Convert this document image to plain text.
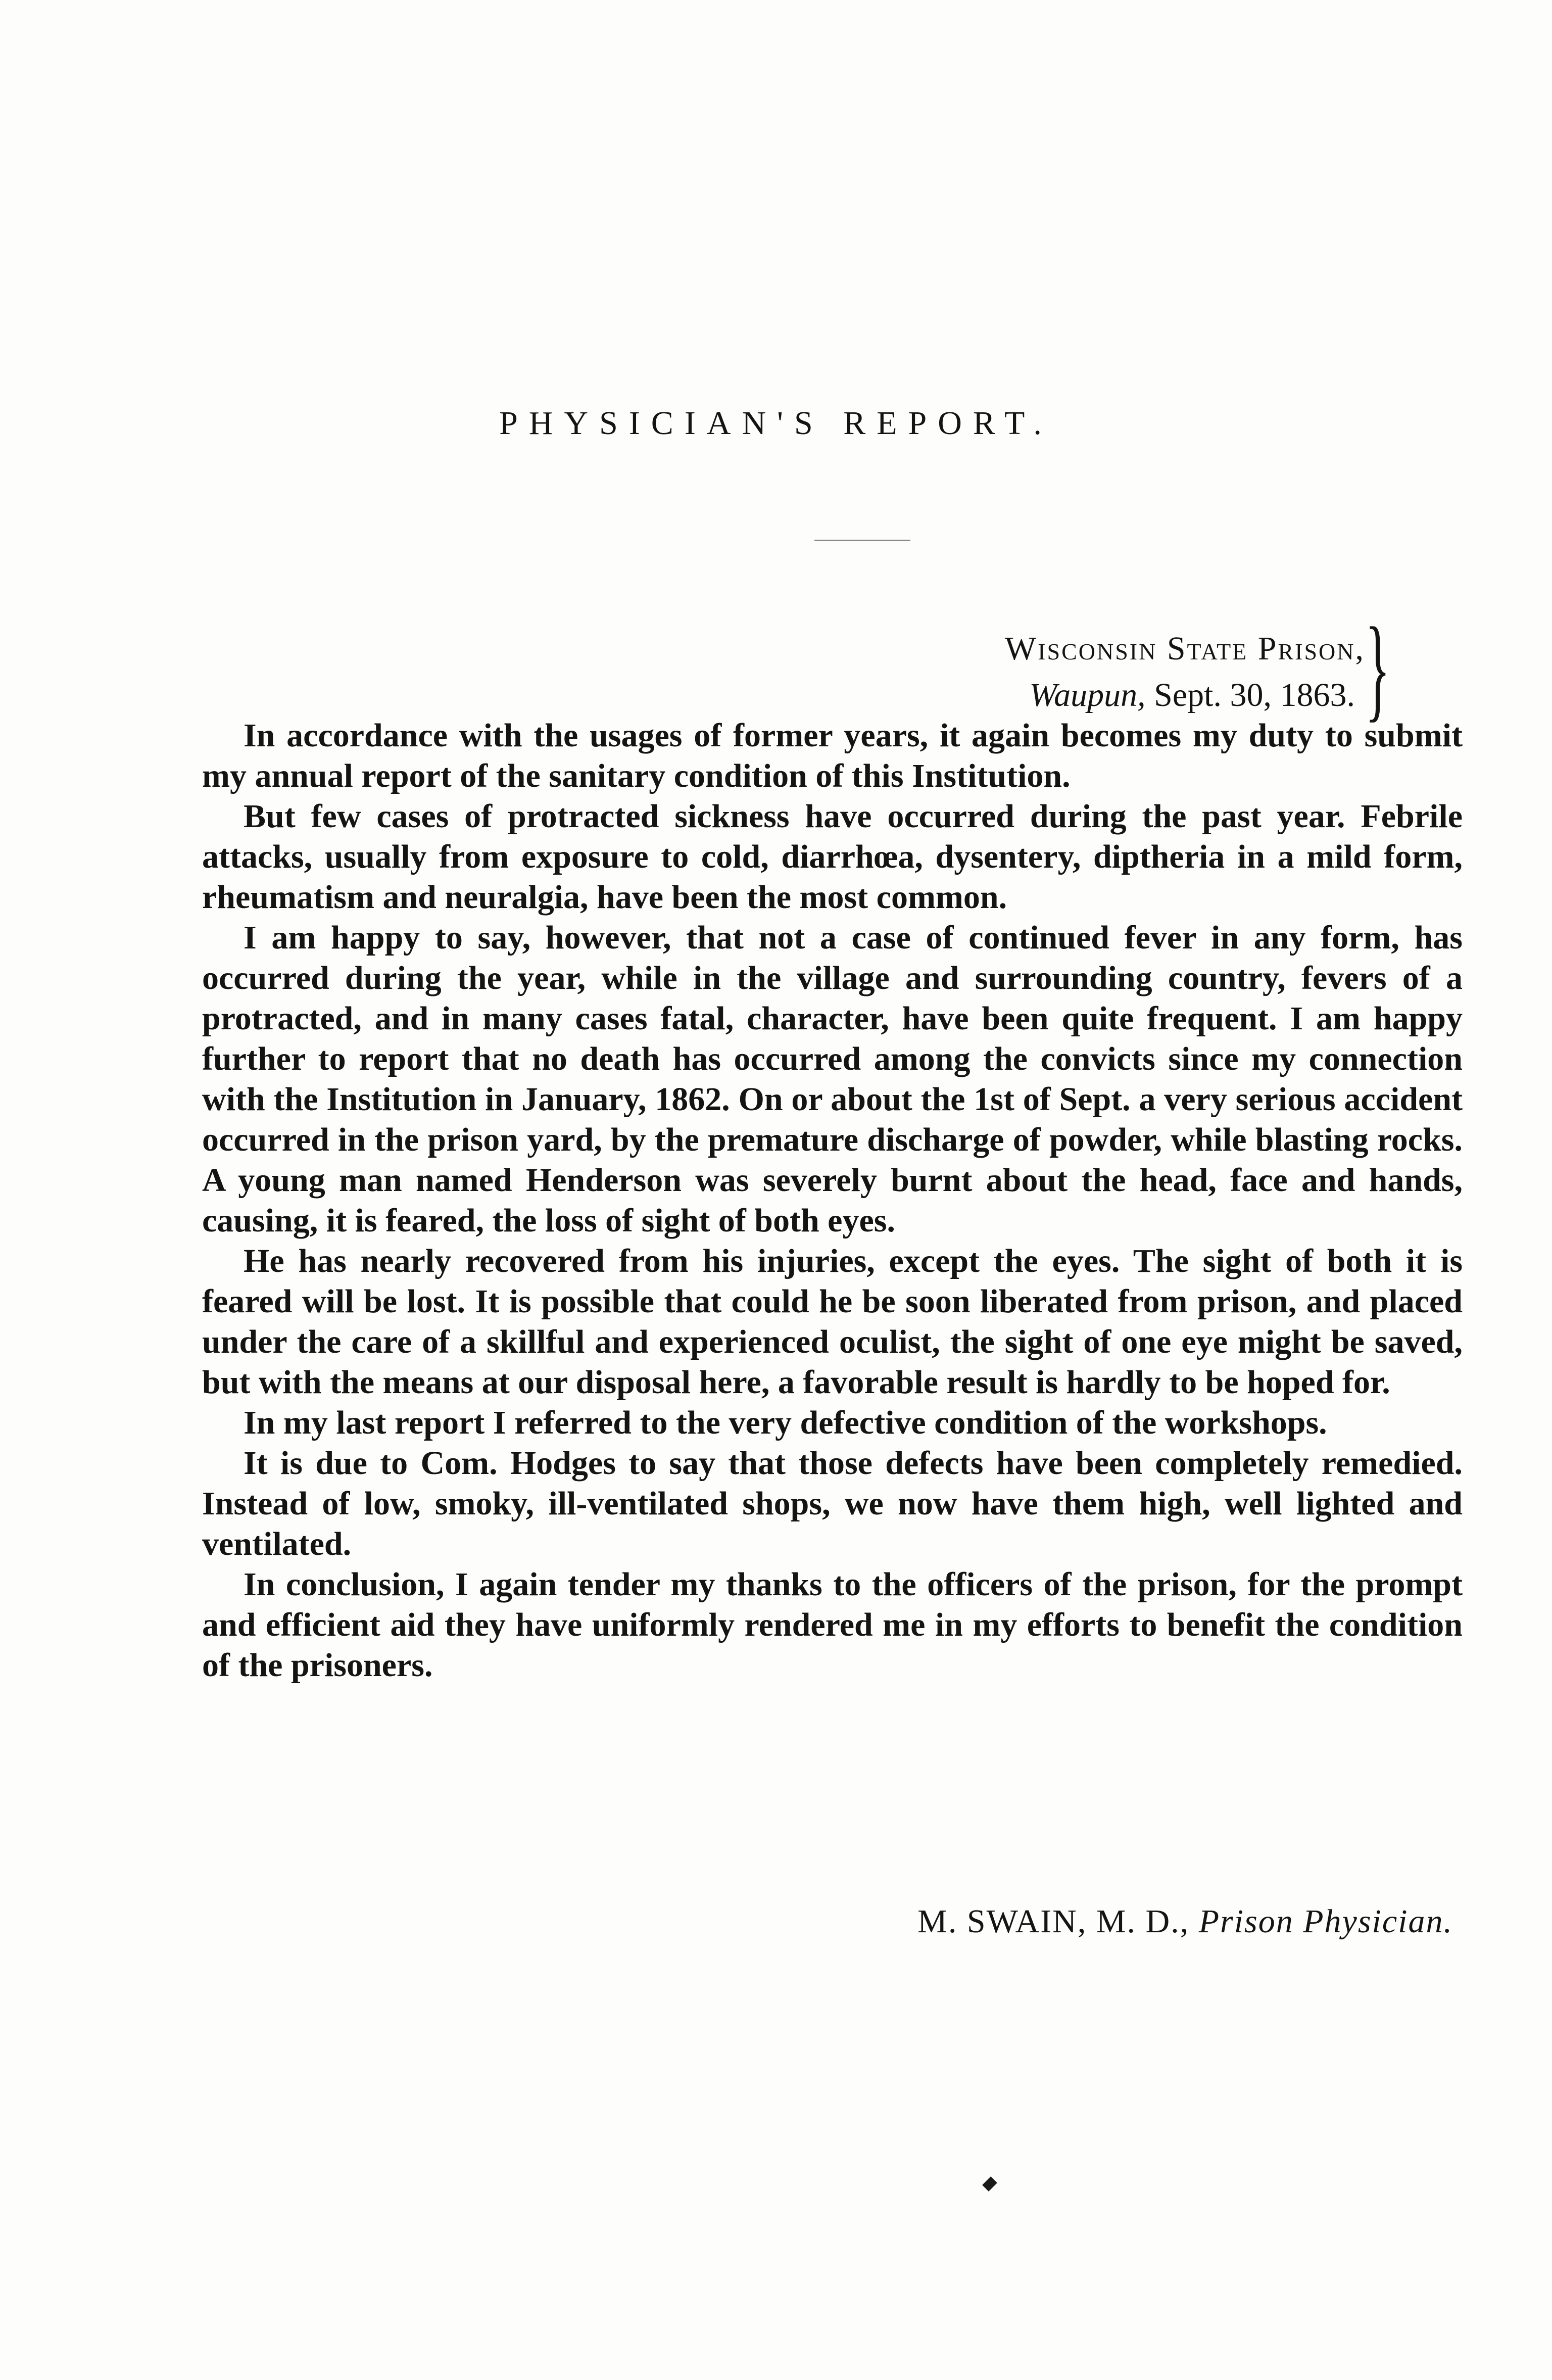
PHYSICIAN'S REPORT.
Wisconsin State Prison,
Waupun, Sept. 30, 1863. }

In accordance with the usages of former years, it again becomes my duty to submit my annual report of the sanitary condition of this Institution.

But few cases of protracted sickness have occurred during the past year. Febrile attacks, usually from exposure to cold, diarrhœa, dysentery, diptheria in a mild form, rheumatism and neuralgia, have been the most common.

I am happy to say, however, that not a case of continued fever in any form, has occurred during the year, while in the village and surrounding country, fevers of a protracted, and in many cases fatal, character, have been quite frequent. I am happy further to report that no death has occurred among the convicts since my connection with the Institution in January, 1862. On or about the 1st of Sept. a very serious accident occurred in the prison yard, by the premature discharge of powder, while blasting rocks. A young man named Henderson was severely burnt about the head, face and hands, causing, it is feared, the loss of sight of both eyes.

He has nearly recovered from his injuries, except the eyes. The sight of both it is feared will be lost. It is possible that could he be soon liberated from prison, and placed under the care of a skillful and experienced oculist, the sight of one eye might be saved, but with the means at our disposal here, a favorable result is hardly to be hoped for.

In my last report I referred to the very defective condition of the workshops.

It is due to Com. Hodges to say that those defects have been completely remedied. Instead of low, smoky, ill-ventilated shops, we now have them high, well lighted and ventilated.

In conclusion, I again tender my thanks to the officers of the prison, for the prompt and efficient aid they have uniformly rendered me in my efforts to benefit the condition of the prisoners.

M. SWAIN, M. D., Prison Physician.
